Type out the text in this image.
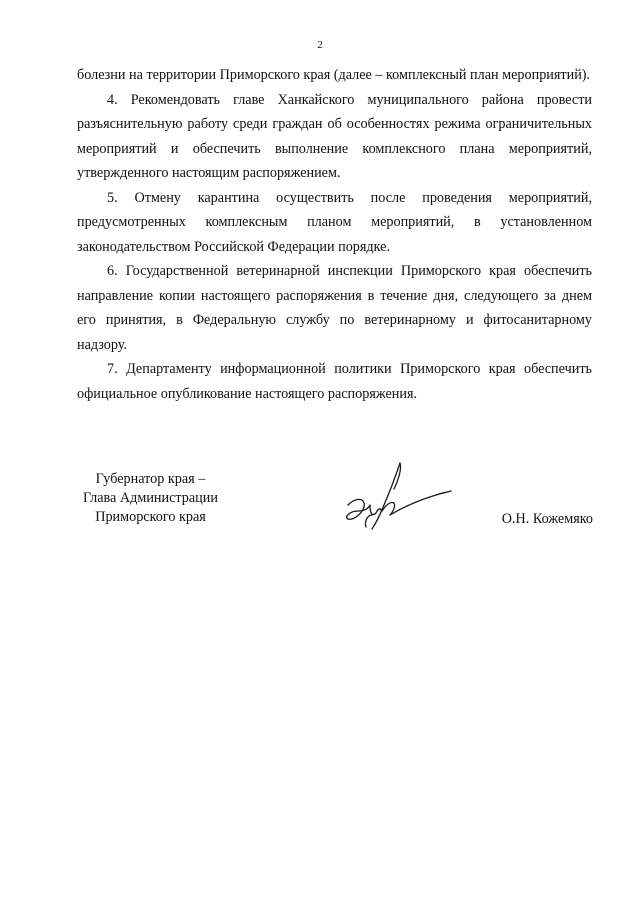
2

болезни на территории Приморского края (далее – комплексный план мероприятий).

4. Рекомендовать главе Ханкайского муниципального района провести разъяснительную работу среди граждан об особенностях режима ограничительных мероприятий и обеспечить выполнение комплексного плана мероприятий, утвержденного настоящим распоряжением.

5. Отмену карантина осуществить после проведения мероприятий, предусмотренных комплексным планом мероприятий, в установленном законодательством Российской Федерации порядке.

6. Государственной ветеринарной инспекции Приморского края обеспечить направление копии настоящего распоряжения в течение дня, следующего за днем его принятия, в Федеральную службу по ветеринарному и фитосанитарному надзору.

7. Департаменту информационной политики Приморского края обеспечить официальное опубликование настоящего распоряжения.

Губернатор края –
Глава Администрации
Приморского края	О.Н. Кожемяко
